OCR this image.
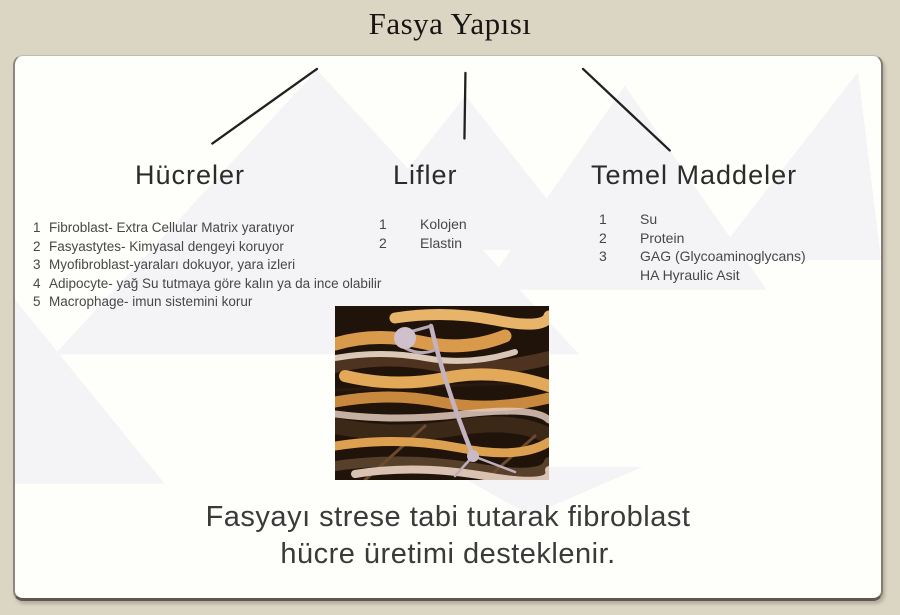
Fasya Yapısı
Hücreler	Lifler	Temel Maddeler
1 Fibroblast- Extra Cellular Matrix yaratıyor
2 Fasyastytes- Kimyasal dengeyi koruyor
3 Myofibroblast-yaraları dokuyor, yara izleri
4 Adipocyte- yağ Su tutmaya göre kalın ya da ince olabilir
5 Macrophage- imun sistemini korur
1	Kolojen
2	Elastin
1	Su
2	Protein
3	GAG (Glycoaminoglycans)
HA Hyraulic Asit
Fasyayı strese tabi tutarak fibroblast
hücre üretimi desteklenir.
